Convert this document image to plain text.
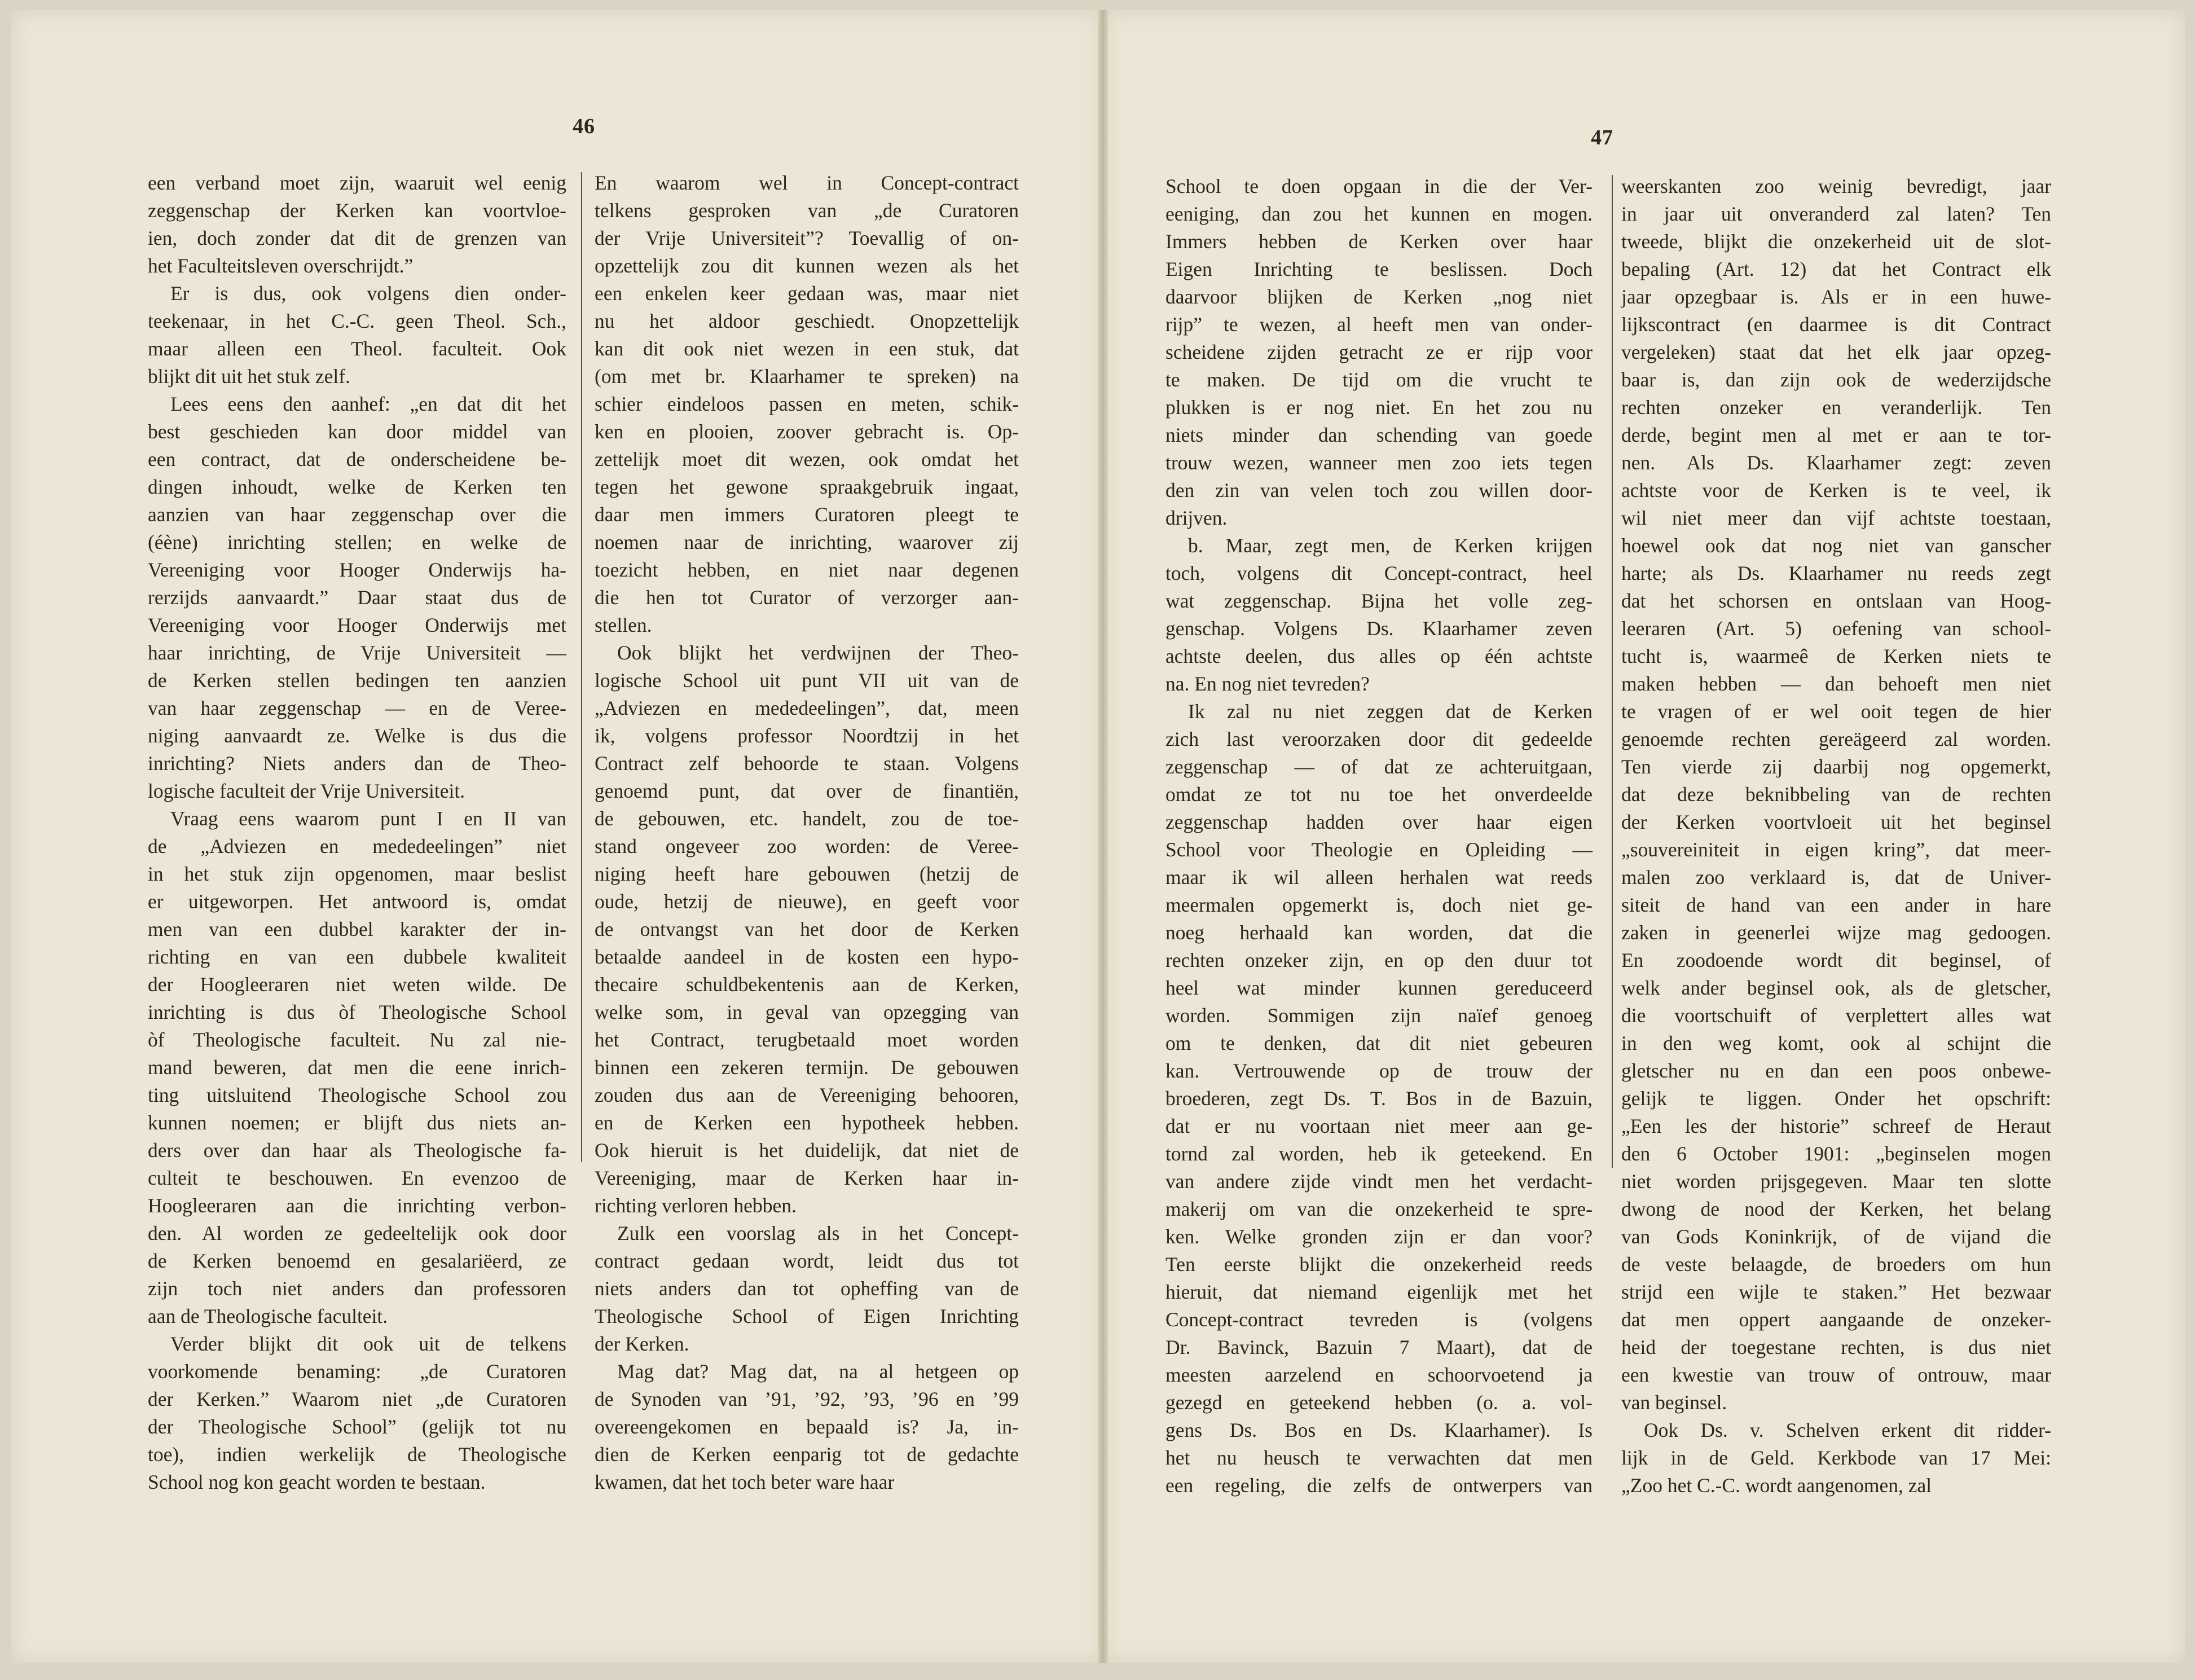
46	47
een verband moet zijn, waaruit wel eenig
zeggenschap der Kerken kan voortvloe-
ien, doch zonder dat dit de grenzen van
het Faculteitsleven overschrijdt.”
Er is dus, ook volgens dien onder-
teekenaar, in het C.-C. geen Theol. Sch.,
maar alleen een Theol. faculteit. Ook
blijkt dit uit het stuk zelf.
Lees eens den aanhef: „en dat dit het
best geschieden kan door middel van
een contract, dat de onderscheidene be-
dingen inhoudt, welke de Kerken ten
aanzien van haar zeggenschap over die
(éène) inrichting stellen; en welke de
Vereeniging voor Hooger Onderwijs ha-
rerzijds aanvaardt.” Daar staat dus de
Vereeniging voor Hooger Onderwijs met
haar inrichting, de Vrije Universiteit —
de Kerken stellen bedingen ten aanzien
van haar zeggenschap — en de Veree-
niging aanvaardt ze. Welke is dus die
inrichting? Niets anders dan de Theo-
logische faculteit der Vrije Universiteit.
Vraag eens waarom punt I en II van
de „Adviezen en mededeelingen” niet
in het stuk zijn opgenomen, maar beslist
er uitgeworpen. Het antwoord is, omdat
men van een dubbel karakter der in-
richting en van een dubbele kwaliteit
der Hoogleeraren niet weten wilde. De
inrichting is dus òf Theologische School
òf Theologische faculteit. Nu zal nie-
mand beweren, dat men die eene inrich-
ting uitsluitend Theologische School zou
kunnen noemen; er blijft dus niets an-
ders over dan haar als Theologische fa-
culteit te beschouwen. En evenzoo de
Hoogleeraren aan die inrichting verbon-
den. Al worden ze gedeeltelijk ook door
de Kerken benoemd en gesalariëerd, ze
zijn toch niet anders dan professoren
aan de Theologische faculteit.
Verder blijkt dit ook uit de telkens
voorkomende benaming: „de Curatoren
der Kerken.” Waarom niet „de Curatoren
der Theologische School” (gelijk tot nu
toe), indien werkelijk de Theologische
School nog kon geacht worden te bestaan.
En waarom wel in Concept-contract
telkens gesproken van „de Curatoren
der Vrije Universiteit”? Toevallig of on-
opzettelijk zou dit kunnen wezen als het
een enkelen keer gedaan was, maar niet
nu het aldoor geschiedt. Onopzettelijk
kan dit ook niet wezen in een stuk, dat
(om met br. Klaarhamer te spreken) na
schier eindeloos passen en meten, schik-
ken en plooien, zoover gebracht is. Op-
zettelijk moet dit wezen, ook omdat het
tegen het gewone spraakgebruik ingaat,
daar men immers Curatoren pleegt te
noemen naar de inrichting, waarover zij
toezicht hebben, en niet naar degenen
die hen tot Curator of verzorger aan-
stellen.
Ook blijkt het verdwijnen der Theo-
logische School uit punt VII uit van de
„Adviezen en mededeelingen”, dat, meen
ik, volgens professor Noordtzij in het
Contract zelf behoorde te staan. Volgens
genoemd punt, dat over de finantiën,
de gebouwen, etc. handelt, zou de toe-
stand ongeveer zoo worden: de Veree-
niging heeft hare gebouwen (hetzij de
oude, hetzij de nieuwe), en geeft voor
de ontvangst van het door de Kerken
betaalde aandeel in de kosten een hypo-
thecaire schuldbekentenis aan de Kerken,
welke som, in geval van opzegging van
het Contract, terugbetaald moet worden
binnen een zekeren termijn. De gebouwen
zouden dus aan de Vereeniging behooren,
en de Kerken een hypotheek hebben.
Ook hieruit is het duidelijk, dat niet de
Vereeniging, maar de Kerken haar in-
richting verloren hebben.
Zulk een voorslag als in het Concept-
contract gedaan wordt, leidt dus tot
niets anders dan tot opheffing van de
Theologische School of Eigen Inrichting
der Kerken.
Mag dat? Mag dat, na al hetgeen op
de Synoden van ’91, ’92, ’93, ’96 en ’99
overeengekomen en bepaald is? Ja, in-
dien de Kerken eenparig tot de gedachte
kwamen, dat het toch beter ware haar
School te doen opgaan in die der Ver-
eeniging, dan zou het kunnen en mogen.
Immers hebben de Kerken over haar
Eigen Inrichting te beslissen. Doch
daarvoor blijken de Kerken „nog niet
rijp” te wezen, al heeft men van onder-
scheidene zijden getracht ze er rijp voor
te maken. De tijd om die vrucht te
plukken is er nog niet. En het zou nu
niets minder dan schending van goede
trouw wezen, wanneer men zoo iets tegen
den zin van velen toch zou willen door-
drijven.
b. Maar, zegt men, de Kerken krijgen
toch, volgens dit Concept-contract, heel
wat zeggenschap. Bijna het volle zeg-
genschap. Volgens Ds. Klaarhamer zeven
achtste deelen, dus alles op één achtste
na. En nog niet tevreden?
Ik zal nu niet zeggen dat de Kerken
zich last veroorzaken door dit gedeelde
zeggenschap — of dat ze achteruitgaan,
omdat ze tot nu toe het onverdeelde
zeggenschap hadden over haar eigen
School voor Theologie en Opleiding —
maar ik wil alleen herhalen wat reeds
meermalen opgemerkt is, doch niet ge-
noeg herhaald kan worden, dat die
rechten onzeker zijn, en op den duur tot
heel wat minder kunnen gereduceerd
worden. Sommigen zijn naïef genoeg
om te denken, dat dit niet gebeuren
kan. Vertrouwende op de trouw der
broederen, zegt Ds. T. Bos in de Bazuin,
dat er nu voortaan niet meer aan ge-
tornd zal worden, heb ik geteekend. En
van andere zijde vindt men het verdacht-
makerij om van die onzekerheid te spre-
ken. Welke gronden zijn er dan voor?
Ten eerste blijkt die onzekerheid reeds
hieruit, dat niemand eigenlijk met het
Concept-contract tevreden is (volgens
Dr. Bavinck, Bazuin 7 Maart), dat de
meesten aarzelend en schoorvoetend ja
gezegd en geteekend hebben (o. a. vol-
gens Ds. Bos en Ds. Klaarhamer). Is
het nu heusch te verwachten dat men
een regeling, die zelfs de ontwerpers van
weerskanten zoo weinig bevredigt, jaar
in jaar uit onveranderd zal laten? Ten
tweede, blijkt die onzekerheid uit de slot-
bepaling (Art. 12) dat het Contract elk
jaar opzegbaar is. Als er in een huwe-
lijkscontract (en daarmee is dit Contract
vergeleken) staat dat het elk jaar opzeg-
baar is, dan zijn ook de wederzijdsche
rechten onzeker en veranderlijk. Ten
derde, begint men al met er aan te tor-
nen. Als Ds. Klaarhamer zegt: zeven
achtste voor de Kerken is te veel, ik
wil niet meer dan vijf achtste toestaan,
hoewel ook dat nog niet van ganscher
harte; als Ds. Klaarhamer nu reeds zegt
dat het schorsen en ontslaan van Hoog-
leeraren (Art. 5) oefening van school-
tucht is, waarmeê de Kerken niets te
maken hebben — dan behoeft men niet
te vragen of er wel ooit tegen de hier
genoemde rechten gereägeerd zal worden.
Ten vierde zij daarbij nog opgemerkt,
dat deze beknibbeling van de rechten
der Kerken voortvloeit uit het beginsel
„souvereiniteit in eigen kring”, dat meer-
malen zoo verklaard is, dat de Univer-
siteit de hand van een ander in hare
zaken in geenerlei wijze mag gedoogen.
En zoodoende wordt dit beginsel, of
welk ander beginsel ook, als de gletscher,
die voortschuift of verplettert alles wat
in den weg komt, ook al schijnt die
gletscher nu en dan een poos onbewe-
gelijk te liggen. Onder het opschrift:
„Een les der historie” schreef de Heraut
den 6 October 1901: „beginselen mogen
niet worden prijsgegeven. Maar ten slotte
dwong de nood der Kerken, het belang
van Gods Koninkrijk, of de vijand die
de veste belaagde, de broeders om hun
strijd een wijle te staken.” Het bezwaar
dat men oppert aangaande de onzeker-
heid der toegestane rechten, is dus niet
een kwestie van trouw of ontrouw, maar
van beginsel.
Ook Ds. v. Schelven erkent dit ridder-
lijk in de Geld. Kerkbode van 17 Mei:
„Zoo het C.-C. wordt aangenomen, zal
